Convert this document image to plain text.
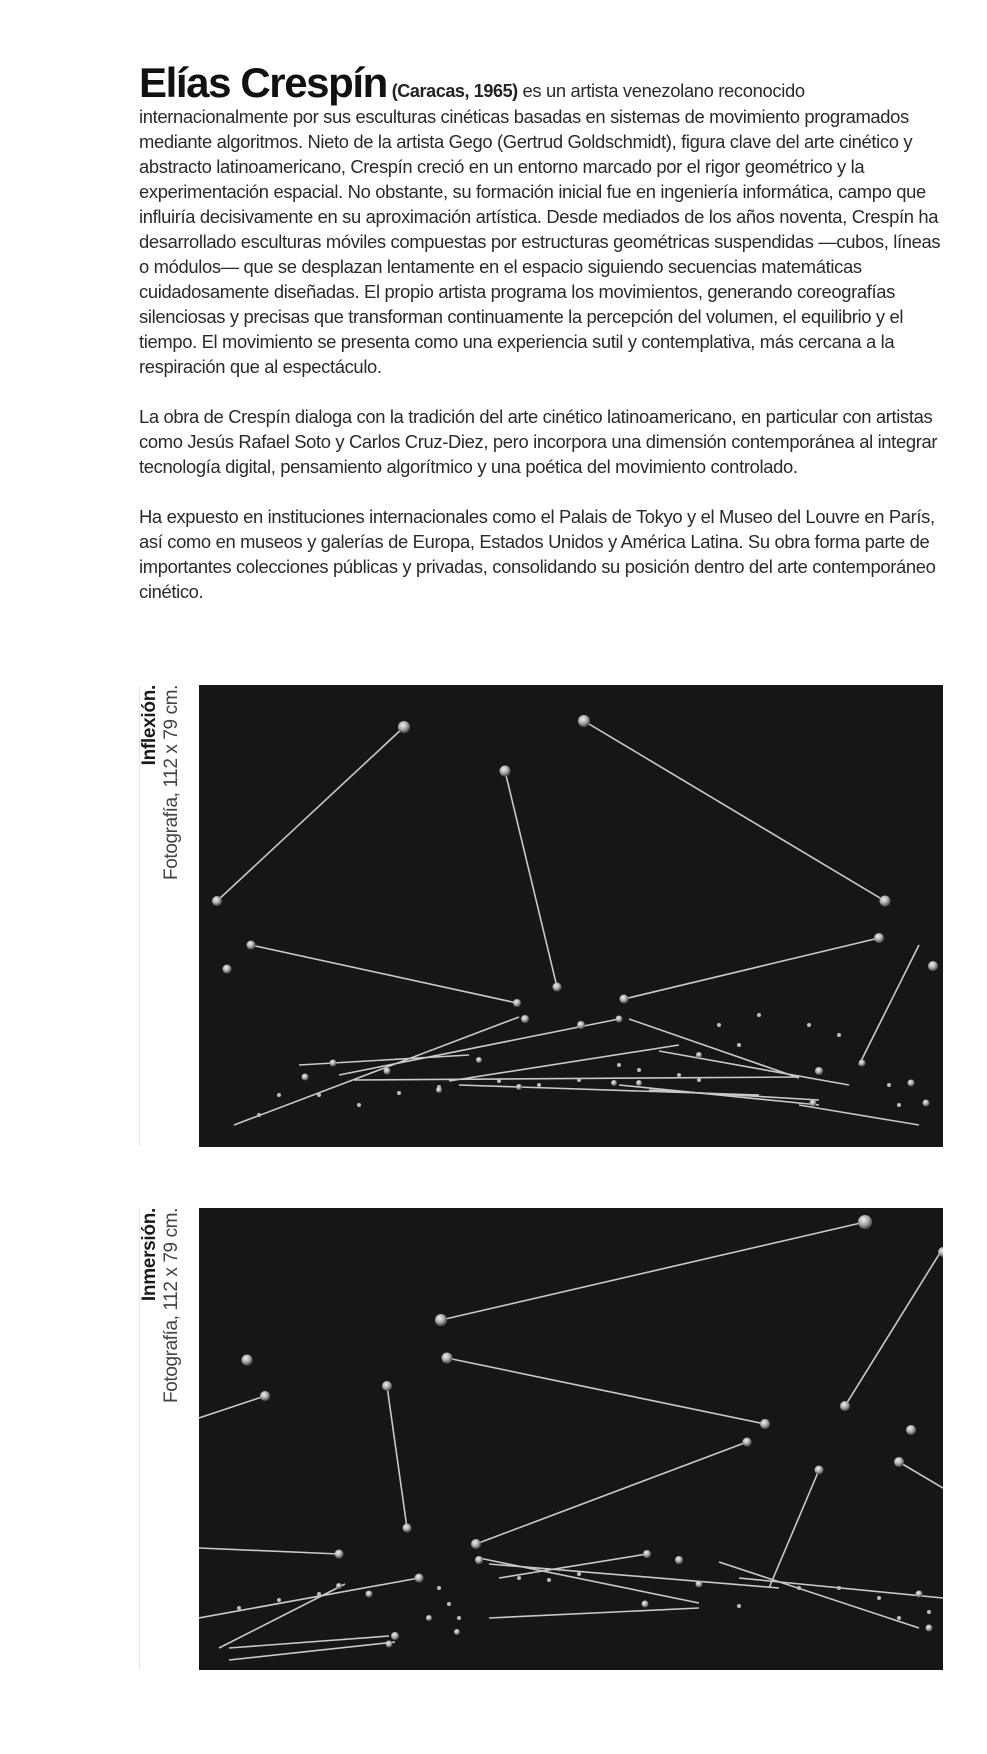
Elías Crespín (Caracas, 1965) es un artista venezolano reconocido internacionalmente por sus esculturas cinéticas basadas en sistemas de movimiento programados mediante algoritmos. Nieto de la artista Gego (Gertrud Goldschmidt), figura clave del arte cinético y abstracto latinoamericano, Crespín creció en un entorno marcado por el rigor geométrico y la experimentación espacial. No obstante, su formación inicial fue en ingeniería informática, campo que influiría decisivamente en su aproximación artística. Desde mediados de los años noventa, Crespín ha desarrollado esculturas móviles compuestas por estructuras geométricas suspendidas —cubos, líneas o módulos— que se desplazan lentamente en el espacio siguiendo secuencias matemáticas cuidadosamente diseñadas. El propio artista programa los movimientos, generando coreografías silenciosas y precisas que transforman continuamente la percepción del volumen, el equilibrio y el tiempo. El movimiento se presenta como una experiencia sutil y contemplativa, más cercana a la respiración que al espectáculo.

La obra de Crespín dialoga con la tradición del arte cinético latinoamericano, en particular con artistas como Jesús Rafael Soto y Carlos Cruz-Diez, pero incorpora una dimensión contemporánea al integrar tecnología digital, pensamiento algorítmico y una poética del movimiento controlado.

Ha expuesto en instituciones internacionales como el Palais de Tokyo y el Museo del Louvre en París, así como en museos y galerías de Europa, Estados Unidos y América Latina. Su obra forma parte de importantes colecciones públicas y privadas, consolidando su posición dentro del arte contemporáneo cinético.

Inflexión. Fotografía, 112 x 79 cm.
Inmersión. Fotografía, 112 x 79 cm.
